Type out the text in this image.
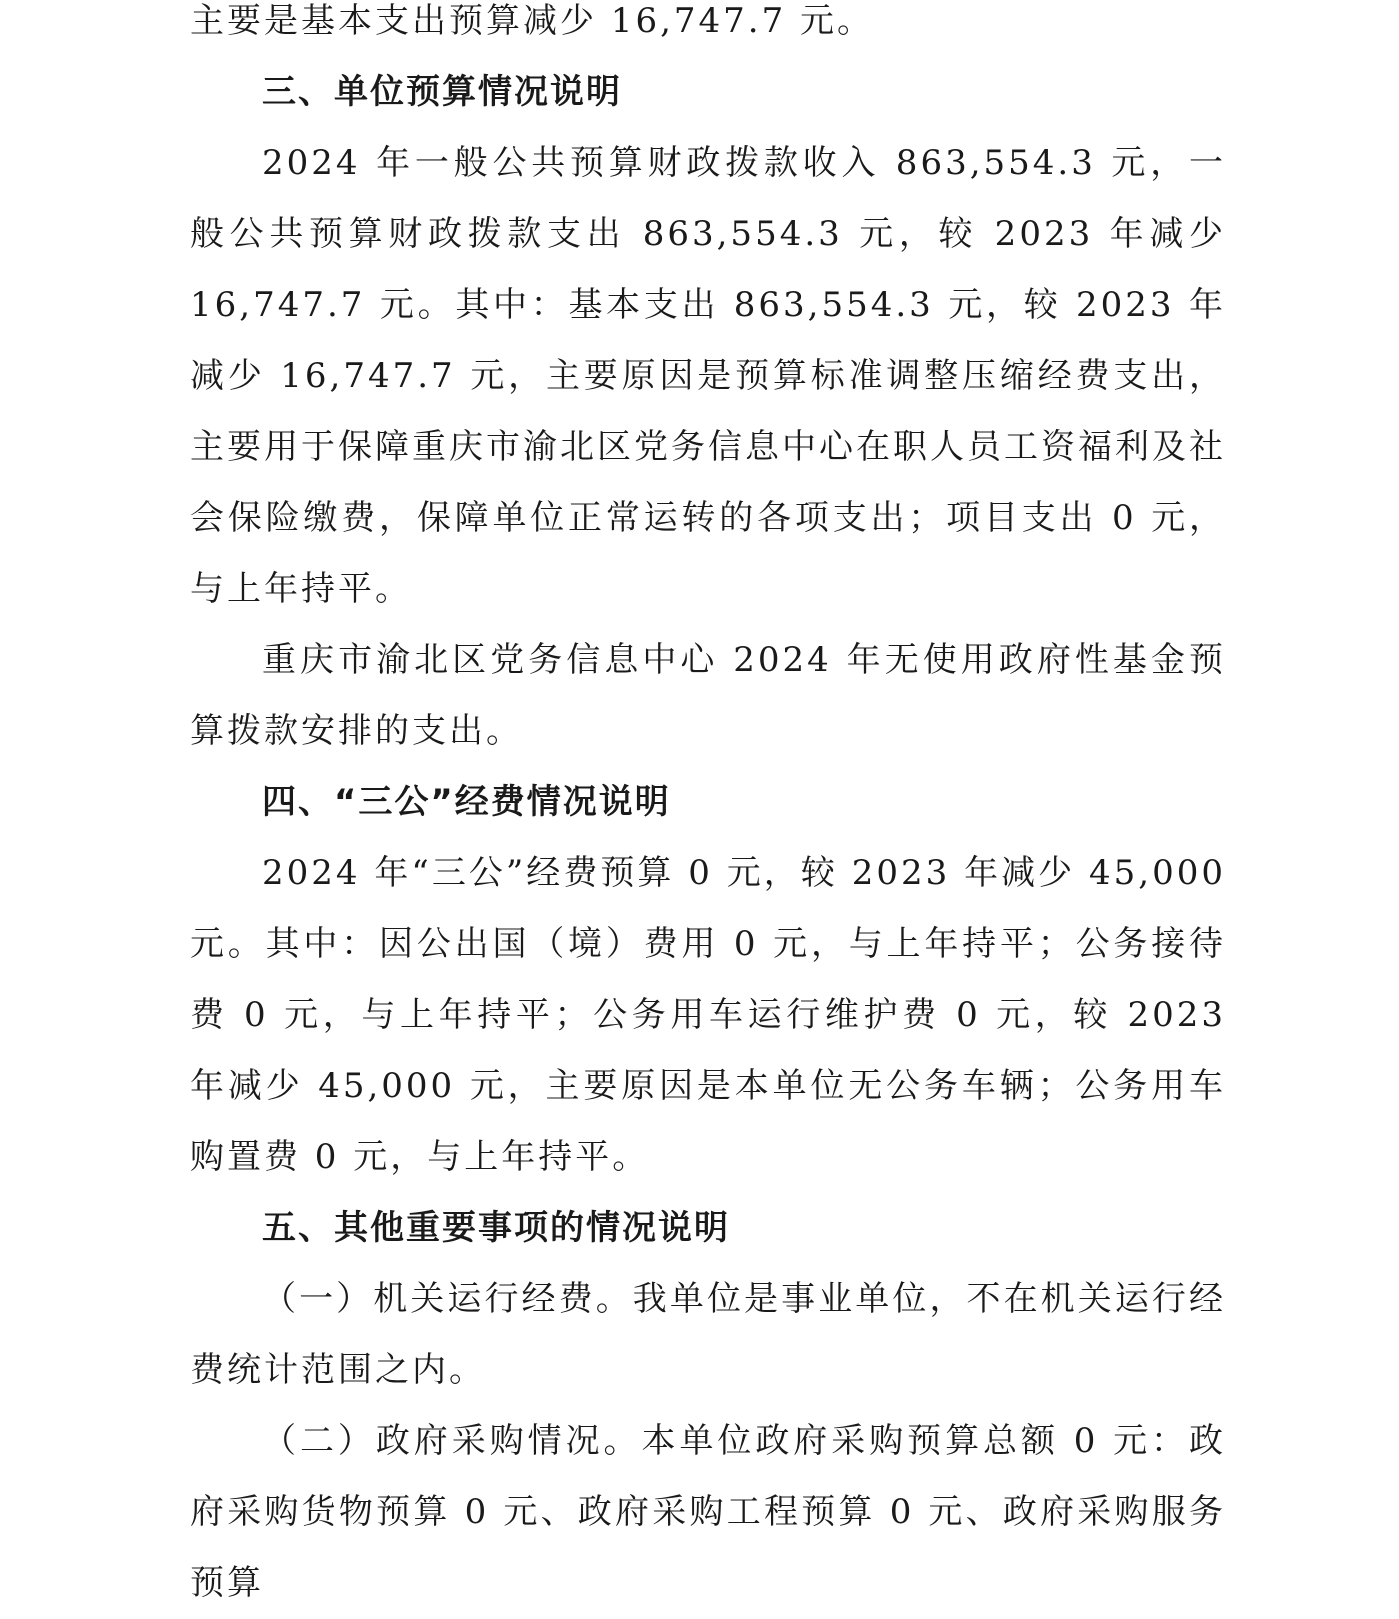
主要是基本支出预算减少 16,747.7 元。

三、单位预算情况说明

2024 年一般公共预算财政拨款收入 863,554.3 元，一般公共预算财政拨款支出 863,554.3 元，较 2023 年减少 16,747.7 元。其中：基本支出 863,554.3 元，较 2023 年减少 16,747.7 元，主要原因是预算标准调整压缩经费支出，主要用于保障重庆市渝北区党务信息中心在职人员工资福利及社会保险缴费，保障单位正常运转的各项支出；项目支出 0 元，与上年持平。

重庆市渝北区党务信息中心 2024 年无使用政府性基金预算拨款安排的支出。

四、“三公”经费情况说明

2024 年“三公”经费预算 0 元，较 2023 年减少 45,000 元。其中：因公出国（境）费用 0 元，与上年持平；公务接待费 0 元，与上年持平；公务用车运行维护费 0 元，较 2023 年减少 45,000 元，主要原因是本单位无公务车辆；公务用车购置费 0 元，与上年持平。

五、其他重要事项的情况说明

（一）机关运行经费。我单位是事业单位，不在机关运行经费统计范围之内。

（二）政府采购情况。本单位政府采购预算总额 0 元：政府采购货物预算 0 元、政府采购工程预算 0 元、政府采购服务预算
